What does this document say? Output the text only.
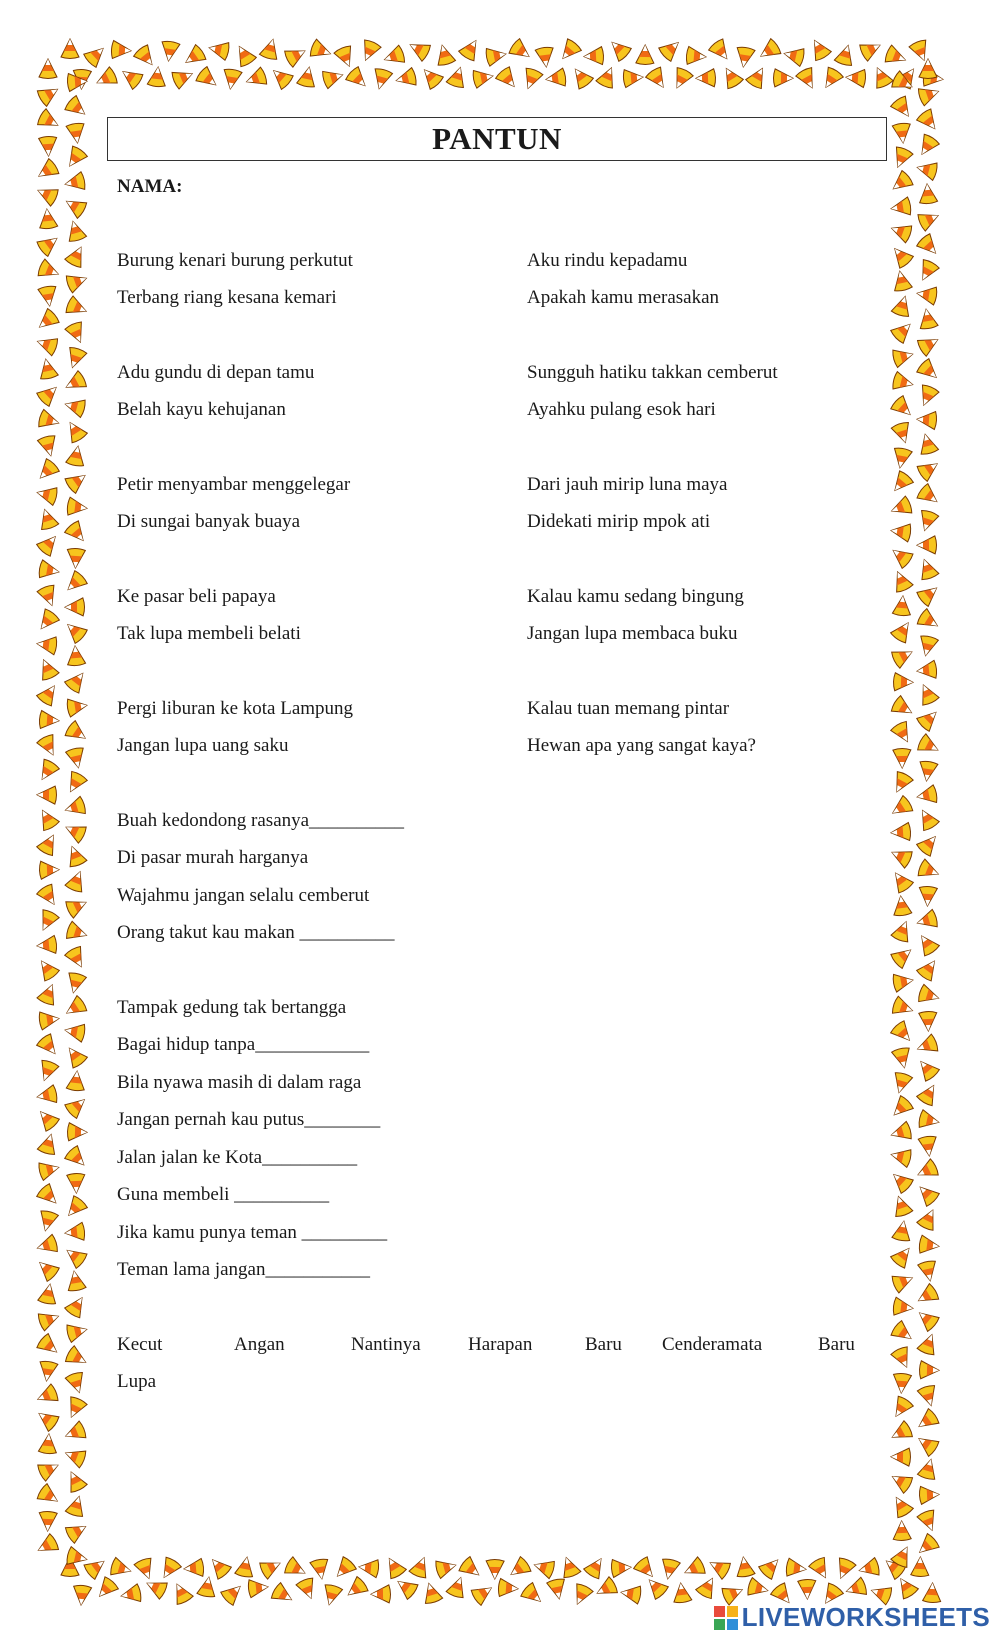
PANTUN
NAMA:
Burung kenari burung perkutut
Terbang riang kesana kemari
Aku rindu kepadamu
Apakah kamu merasakan
Adu gundu di depan tamu
Belah kayu kehujanan
Sungguh hatiku takkan cemberut
Ayahku pulang esok hari
Petir menyambar menggelegar
Di sungai banyak buaya
Dari jauh mirip luna maya
Didekati mirip mpok ati
Ke pasar beli papaya
Tak lupa membeli belati
Kalau kamu sedang bingung
Jangan lupa membaca buku
Pergi liburan ke kota Lampung
Jangan lupa uang saku
Kalau tuan memang pintar
Hewan apa yang sangat kaya?
Buah kedondong rasanya__________
Di pasar murah harganya
Wajahmu jangan selalu cemberut
Orang takut kau makan __________
Tampak gedung tak bertangga
Bagai hidup tanpa____________
Bila nyawa masih di dalam raga
Jangan pernah kau putus________
Jalan jalan ke Kota__________
Guna membeli __________
Jika kamu punya teman _________
Teman lama jangan___________
Kecut	Angan	Nantinya Harapan	Baru Cenderamata	Baru
Lupa
LIVEWORKSHEETS
